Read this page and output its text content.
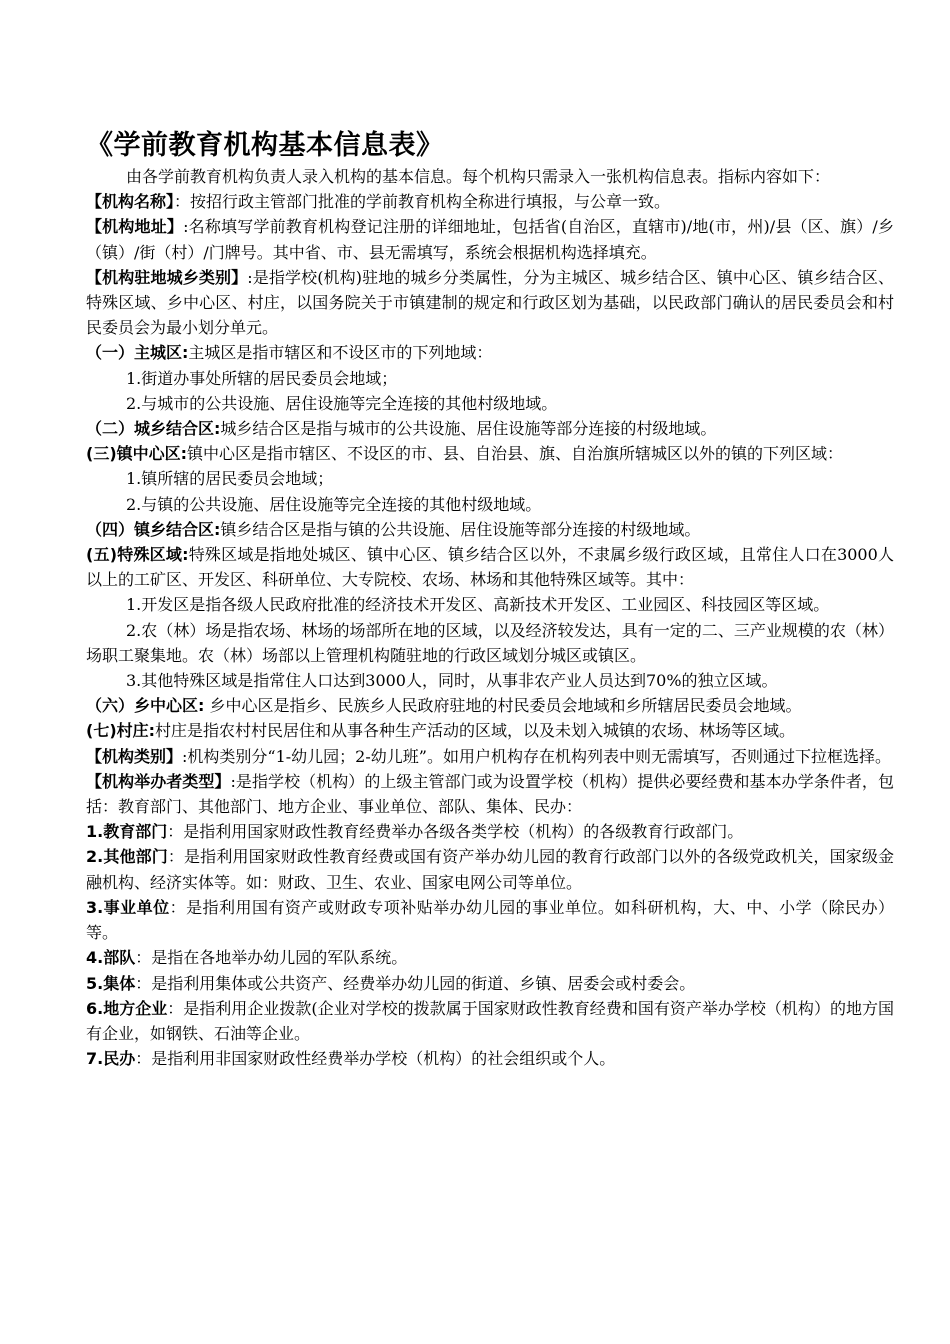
《学前教育机构基本信息表》

由各学前教育机构负责人录入机构的基本信息。每个机构只需录入一张机构信息表。指标内容如下：

【机构名称】：按招行政主管部门批准的学前教育机构全称进行填报，与公章一致。

【机构地址】:名称填写学前教育机构登记注册的详细地址，包括省(自治区，直辖市)/地(市，州)/县（区、旗）/乡（镇）/街（村）/门牌号。其中省、市、县无需填写，系统会根据机构选择填充。

【机构驻地城乡类别】:是指学校(机构)驻地的城乡分类属性，分为主城区、城乡结合区、镇中心区、镇乡结合区、特殊区域、乡中心区、村庄，以国务院关于市镇建制的规定和行政区划为基础，以民政部门确认的居民委员会和村民委员会为最小划分单元。

（一）主城区:主城区是指市辖区和不设区市的下列地域：

1.街道办事处所辖的居民委员会地域；

2.与城市的公共设施、居住设施等完全连接的其他村级地域。

（二）城乡结合区:城乡结合区是指与城市的公共设施、居住设施等部分连接的村级地域。

(三)镇中心区:镇中心区是指市辖区、不设区的市、县、自治县、旗、自治旗所辖城区以外的镇的下列区域：

1.镇所辖的居民委员会地域；

2.与镇的公共设施、居住设施等完全连接的其他村级地域。

（四）镇乡结合区:镇乡结合区是指与镇的公共设施、居住设施等部分连接的村级地域。

(五)特殊区域:特殊区域是指地处城区、镇中心区、镇乡结合区以外，不隶属乡级行政区域，且常住人口在3000人以上的工矿区、开发区、科研单位、大专院校、农场、林场和其他特殊区域等。其中：

1.开发区是指各级人民政府批准的经济技术开发区、高新技术开发区、工业园区、科技园区等区域。

2.农（林）场是指农场、林场的场部所在地的区域，以及经济较发达，具有一定的二、三产业规模的农（林）场职工聚集地。农（林）场部以上管理机构随驻地的行政区域划分城区或镇区。

3.其他特殊区域是指常住人口达到3000人，同时，从事非农产业人员达到70%的独立区域。

（六）乡中心区: 乡中心区是指乡、民族乡人民政府驻地的村民委员会地域和乡所辖居民委员会地域。

(七)村庄:村庄是指农村村民居住和从事各种生产活动的区域，以及未划入城镇的农场、林场等区域。

【机构类别】:机构类别分“1-幼儿园；2-幼儿班”。如用户机构存在机构列表中则无需填写，否则通过下拉框选择。

【机构举办者类型】:是指学校（机构）的上级主管部门或为设置学校（机构）提供必要经费和基本办学条件者，包括：教育部门、其他部门、地方企业、事业单位、部队、集体、民办：

1.教育部门：是指利用国家财政性教育经费举办各级各类学校（机构）的各级教育行政部门。

2.其他部门：是指利用国家财政性教育经费或国有资产举办幼儿园的教育行政部门以外的各级党政机关，国家级金融机构、经济实体等。如：财政、卫生、农业、国家电网公司等单位。

3.事业单位：是指利用国有资产或财政专项补贴举办幼儿园的事业单位。如科研机构，大、中、小学（除民办）等。

4.部队：是指在各地举办幼儿园的军队系统。

5.集体：是指利用集体或公共资产、经费举办幼儿园的街道、乡镇、居委会或村委会。

6.地方企业：是指利用企业拨款(企业对学校的拨款属于国家财政性教育经费和国有资产举办学校（机构）的地方国有企业，如钢铁、石油等企业。

7.民办：是指利用非国家财政性经费举办学校（机构）的社会组织或个人。
